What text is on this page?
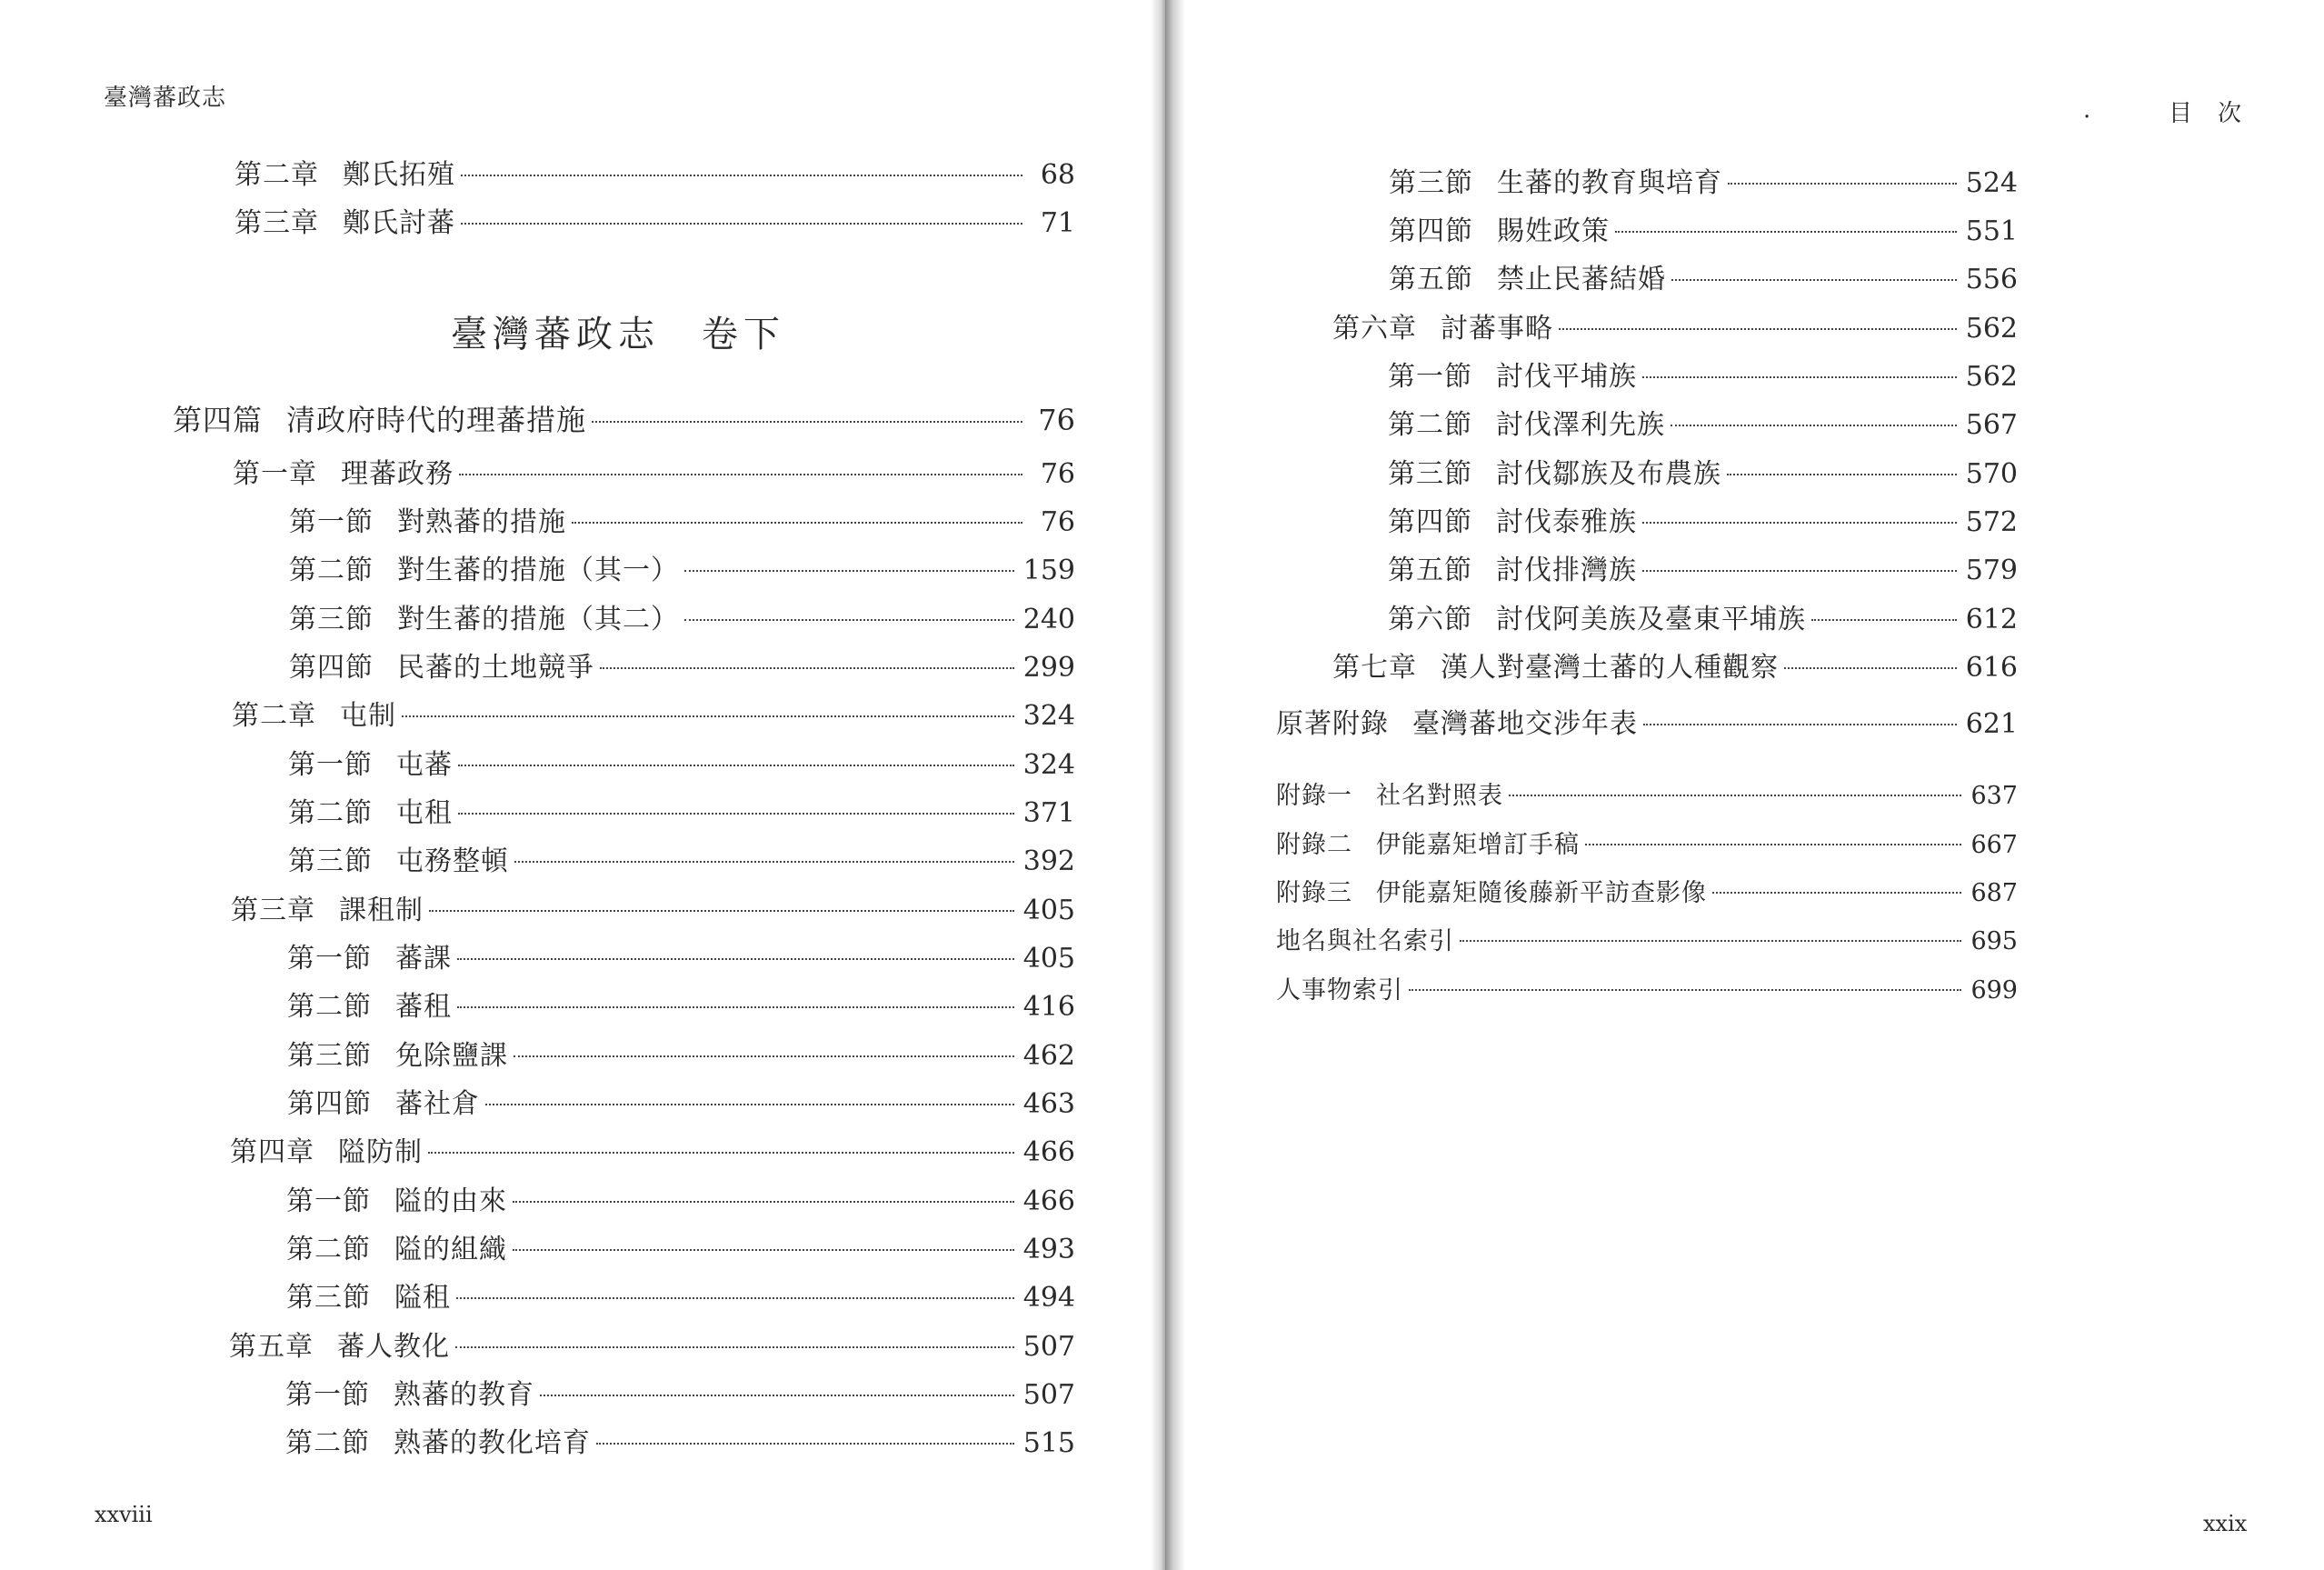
臺灣蕃政志
第二章 鄭氏拓殖	68
第三章 鄭氏討蕃	71
臺灣蕃政志　卷下
第四篇 清政府時代的理蕃措施	76
第一章 理蕃政務	76
第一節 對熟蕃的措施	76
第二節 對生蕃的措施（其一）	159
第三節 對生蕃的措施（其二）	240
第四節 民蕃的土地競爭	299
第二章 屯制	324
第一節 屯蕃	324
第二節 屯租	371
第三節 屯務整頓	392
第三章 課租制	405
第一節 蕃課	405
第二節 蕃租	416
第三節 免除鹽課	462
第四節 蕃社倉	463
第四章 隘防制	466
第一節 隘的由來	466
第二節 隘的組織	493
第三節 隘租	494
第五章 蕃人教化	507
第一節 熟蕃的教育	507
第二節 熟蕃的教化培育	515
xxviii
·	目　次
第三節 生蕃的教育與培育	524
第四節 賜姓政策	551
第五節 禁止民蕃結婚	556
第六章 討蕃事略	562
第一節 討伐平埔族	562
第二節 討伐澤利先族	567
第三節 討伐鄒族及布農族	570
第四節 討伐泰雅族	572
第五節 討伐排灣族	579
第六節 討伐阿美族及臺東平埔族	612
第七章 漢人對臺灣土蕃的人種觀察	616
原著附錄 臺灣蕃地交涉年表	621
附錄一 社名對照表	637
附錄二 伊能嘉矩增訂手稿	667
附錄三 伊能嘉矩隨後藤新平訪查影像	687
地名與社名索引	695
人事物索引	699
xxix
